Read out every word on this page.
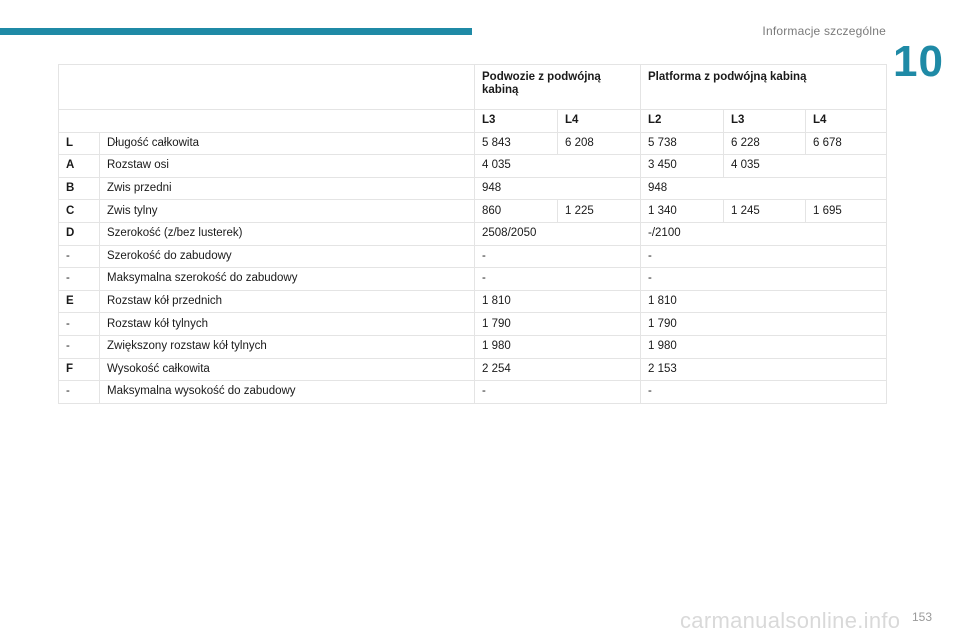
Informacje szczególne
10
		Podwozie z podwójną kabiną		Platforma z podwójną kabiną		
		L3	L4	L2	L3	L4
L	Długość całkowita	5 843	6 208	5 738	6 228	6 678
A	Rozstaw osi	4 035		3 450	4 035	
B	Zwis przedni	948		948		
C	Zwis tylny	860	1 225	1 340	1 245	1 695
D	Szerokość (z/bez lusterek)	2508/2050		-/2100		
-	Szerokość do zabudowy	-		-		
-	Maksymalna szerokość do zabudowy	-		-		
E	Rozstaw kół przednich	1 810		1 810		
-	Rozstaw kół tylnych	1 790		1 790		
-	Zwiększony rozstaw kół tylnych	1 980		1 980		
F	Wysokość całkowita	2 254		2 153		
-	Maksymalna wysokość do zabudowy	-		-		
carmanualsonline.info 153
